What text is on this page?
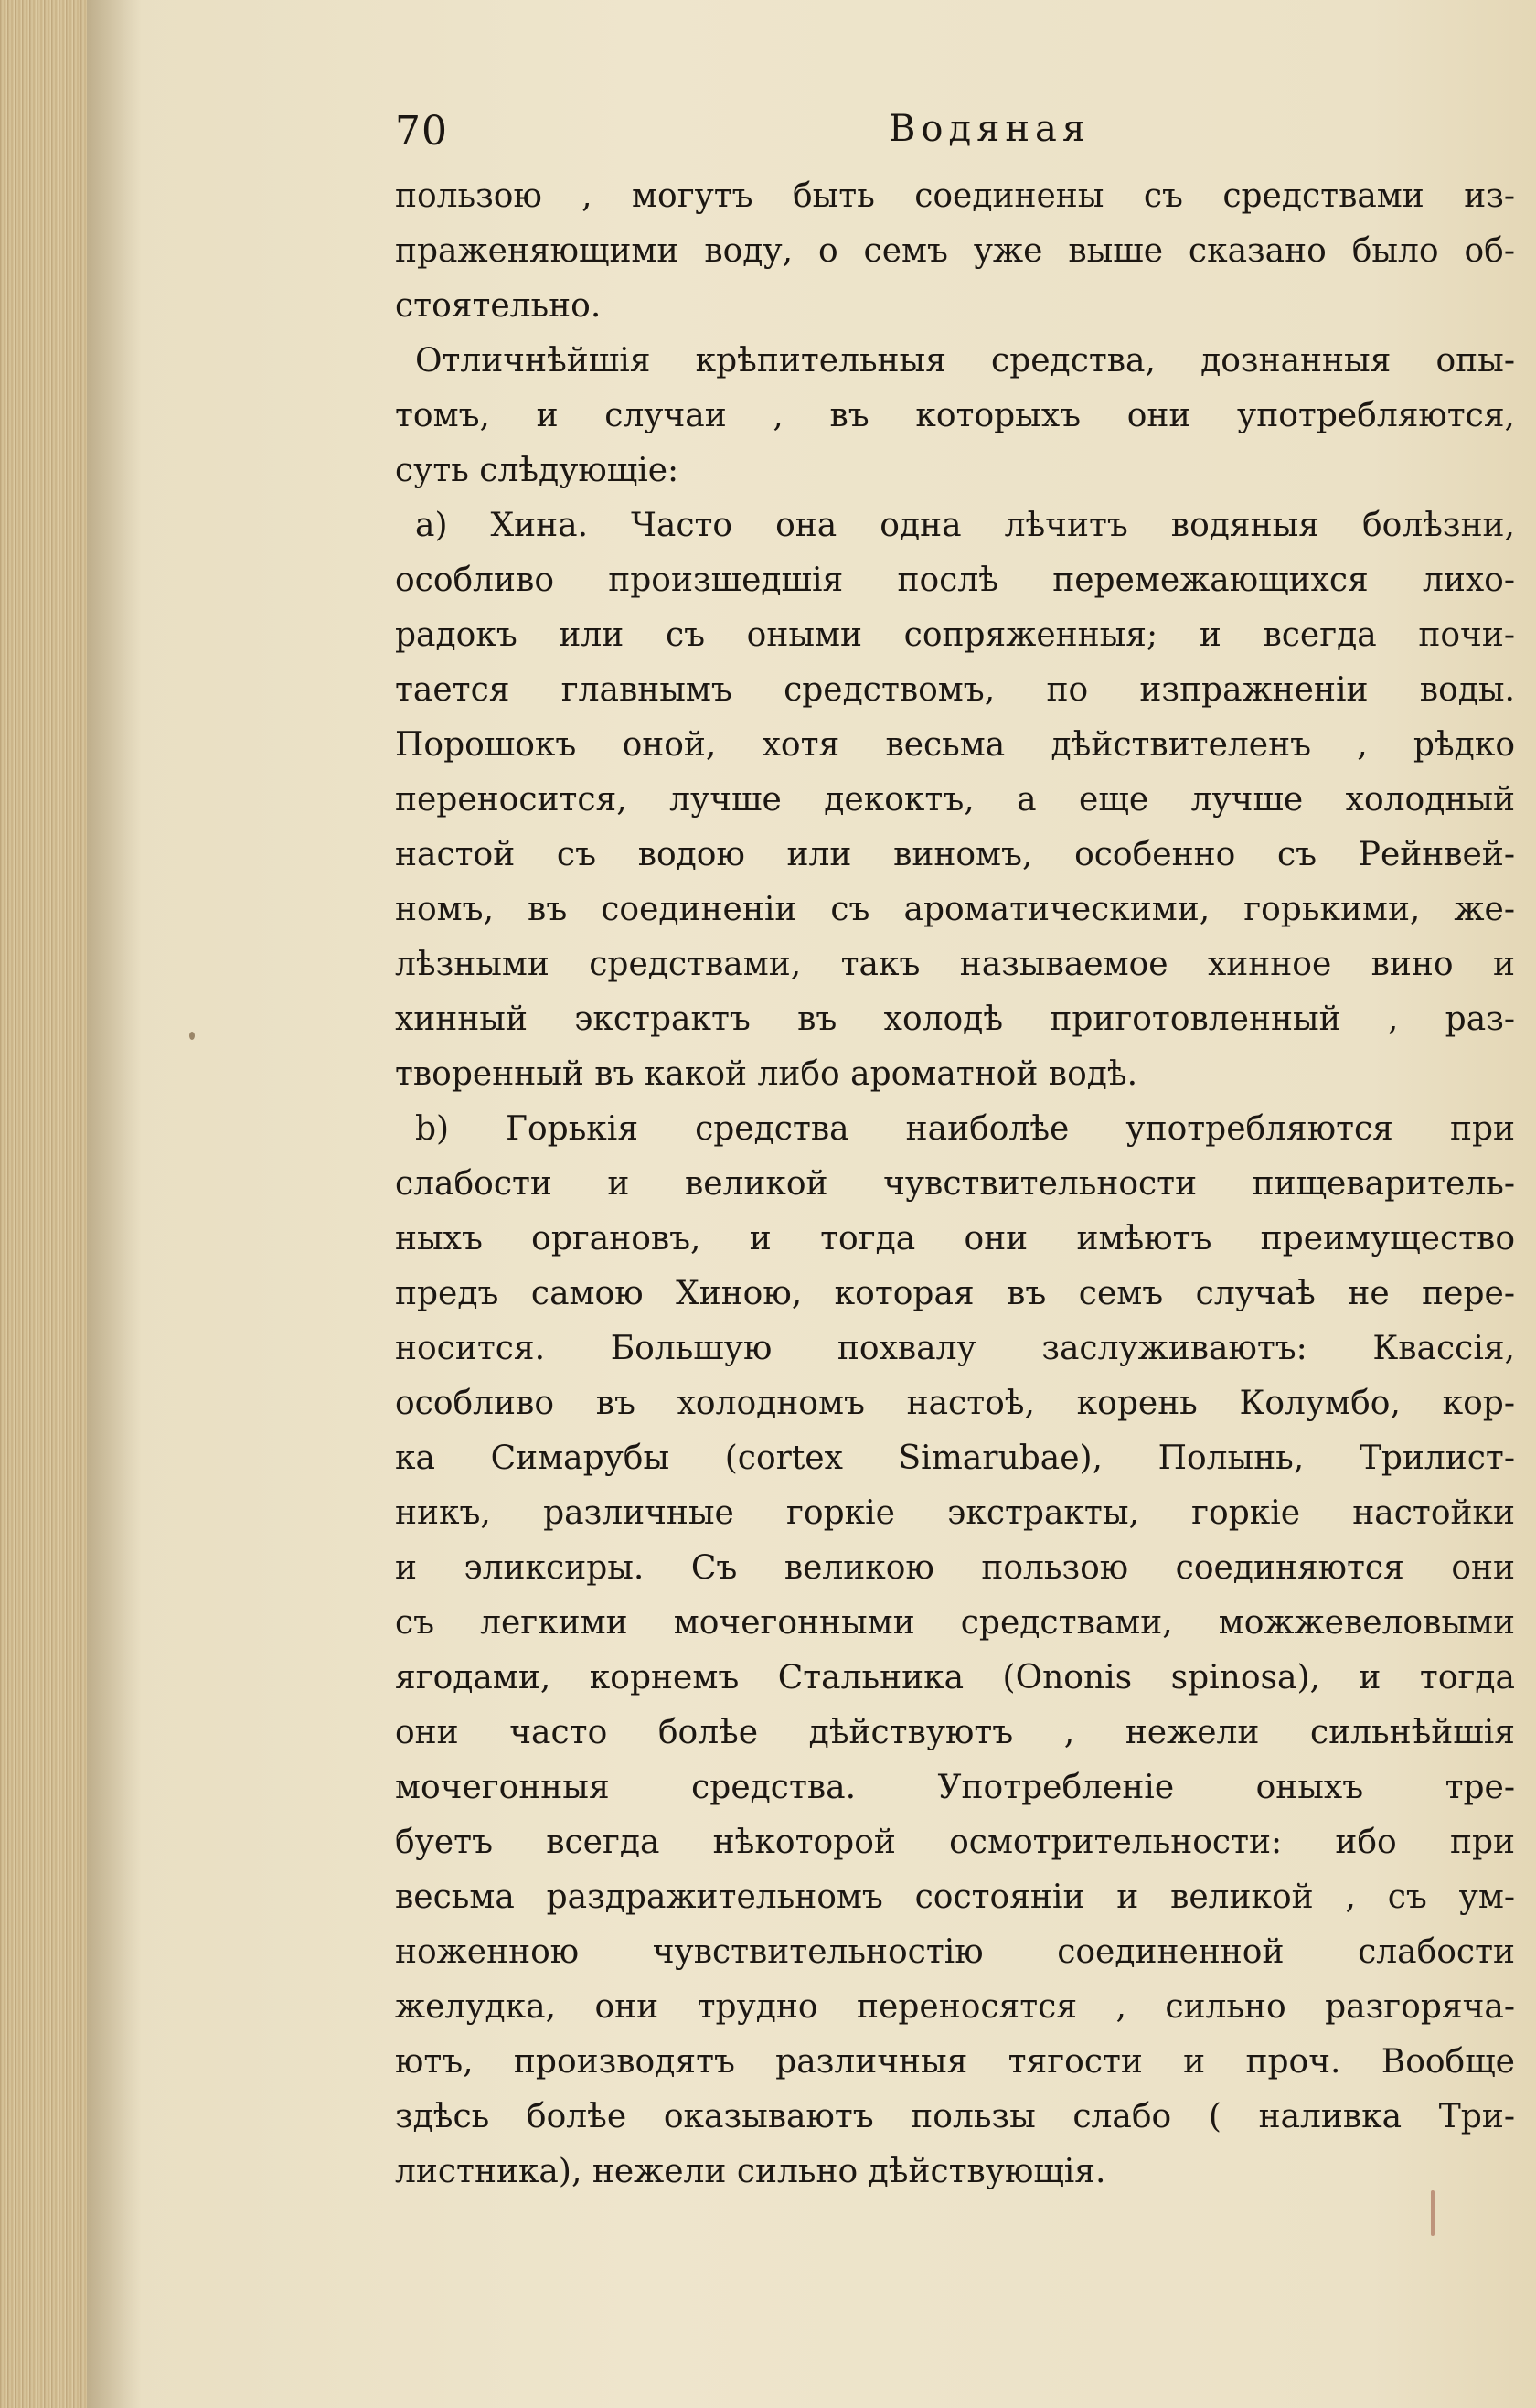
70	Водяная
пользою , могутъ быть соединены съ средствами из-
праженяющими воду, о семъ уже выше сказано было об-
стоятельно.
Отличнѣйшія крѣпительныя средства, дознанныя опы-
томъ, и случаи , въ которыхъ они употребляются,
суть слѣдующіе:
a) Хина. Часто она одна лѣчитъ водяныя болѣзни,
особливо произшедшія послѣ перемежающихся лихо-
радокъ или съ оными сопряженныя; и всегда почи-
тается главнымъ средствомъ, по изпражненіи воды.
Порошокъ оной, хотя весьма дѣйствителенъ , рѣдко
переносится, лучше декоктъ, а еще лучше холодный
настой съ водою или виномъ, особенно съ Рейнвей-
номъ, въ соединеніи съ ароматическими, горькими, же-
лѣзными средствами, такъ называемое хинное вино и
хинный экстрактъ въ холодѣ приготовленный , раз-
творенный въ какой либо ароматной водѣ.
b) Горькія средства наиболѣе употребляются при
слабости и великой чувствительности пищеваритель-
ныхъ органовъ, и тогда они имѣютъ преимущество
предъ самою Хиною, которая въ семъ случаѣ не пере-
носится. Большую похвалу заслуживаютъ: Квассія,
особливо въ холодномъ настоѣ, корень Колумбо, кор-
ка Симарубы (cortex Simarubae), Полынь, Трилист-
никъ, различные горкіе экстракты, горкіе настойки
и эликсиры. Съ великою пользою соединяются они
съ легкими мочегонными средствами, можжевеловыми
ягодами, корнемъ Стальника (Ononis spinosa), и тогда
они часто болѣе дѣйствуютъ , нежели сильнѣйшія
мочегонныя средства. Употребленіе оныхъ тре-
буетъ всегда нѣкоторой осмотрительности: ибо при
весьма раздражительномъ состояніи и великой , съ ум-
ноженною чувствительностію соединенной слабости
желудка, они трудно переносятся , сильно разгоряча-
ютъ, производятъ различныя тягости и проч. Вообще
здѣсь болѣе оказываютъ пользы слабо ( наливка Три-
листника), нежели сильно дѣйствующія.
